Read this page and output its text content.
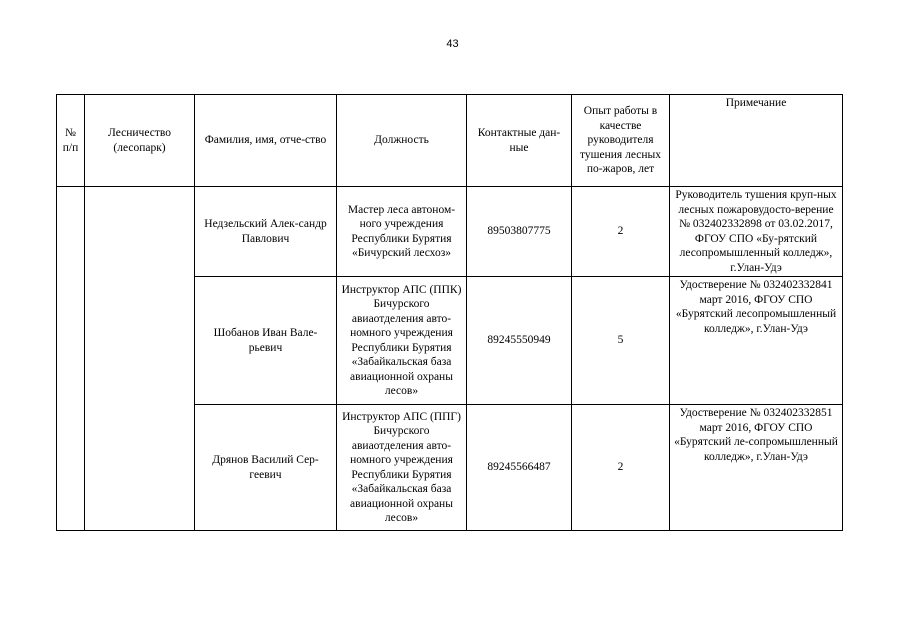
43
№ п/п	Лесничество (лесопарк)	Фамилия, имя, отче-ство	Должность	Контактные дан-ные	Опыт работы в качестве руководителя тушения лесных по-жаров, лет	Примечание
		Недзельский Алек-сандр Павлович	Мастер леса автоном-ного учреждения Республики Бурятия «Бичурский лесхоз»	89503807775	2	Руководитель тушения круп-ных лесных пожаровудосто-верение № 032402332898 от 03.02.2017, ФГОУ СПО «Бу-рятский лесопромышленный колледж», г.Улан-Удэ
		Шобанов Иван Вале-рьевич	Инструктор АПС (ППК) Бичурского авиаотделения авто-номного учреждения Республики Бурятия «Забайкальская база авиационной охраны лесов»	89245550949	5	Удостверение № 032402332841 март 2016, ФГОУ СПО «Бурятский лесопромышленный колледж», г.Улан-Удэ
		Дрянов Василий Сер-геевич	Инструктор АПС (ППГ) Бичурского авиаотделения авто-номного учреждения Республики Бурятия «Забайкальская база авиационной охраны лесов»	89245566487	2	Удостверение № 032402332851 март 2016, ФГОУ СПО «Бурятский ле-сопромышленный колледж», г.Улан-Удэ
